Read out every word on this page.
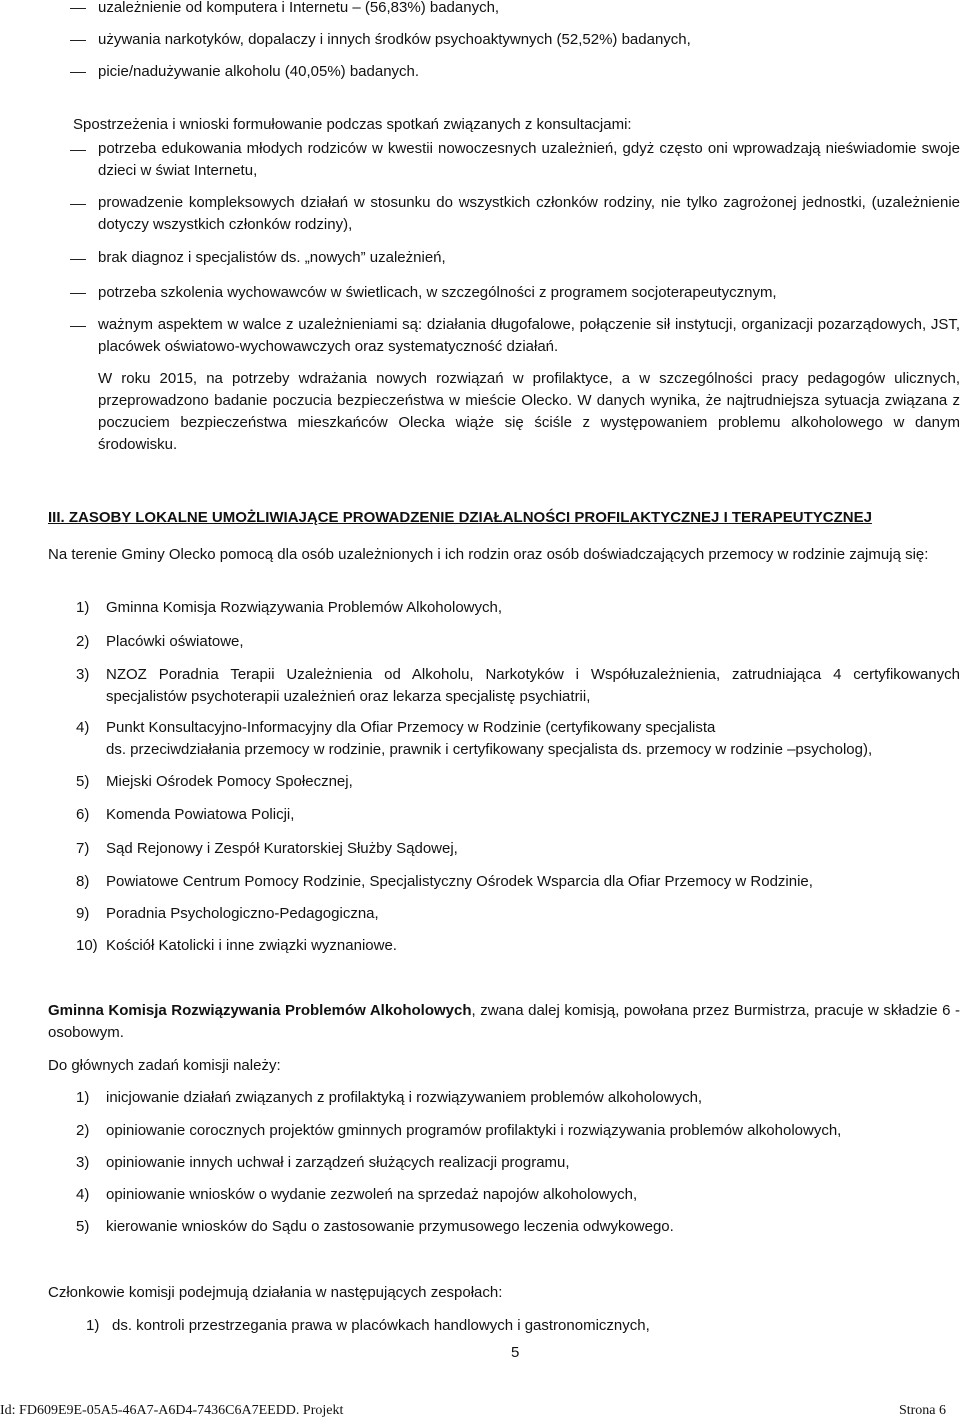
uzależnienie od komputera i Internetu – (56,83%) badanych,
używania narkotyków, dopalaczy i innych środków psychoaktywnych (52,52%) badanych,
picie/nadużywanie alkoholu (40,05%) badanych.
Spostrzeżenia i wnioski formułowanie podczas spotkań związanych z konsultacjami:
potrzeba edukowania młodych rodziców w kwestii nowoczesnych uzależnień, gdyż często oni wprowadzają nieświadomie swoje dzieci w świat Internetu,
prowadzenie kompleksowych działań w stosunku do wszystkich członków rodziny, nie tylko zagrożonej jednostki, (uzależnienie dotyczy wszystkich członków rodziny),
brak diagnoz i specjalistów ds. „nowych” uzależnień,
potrzeba szkolenia wychowawców w świetlicach, w szczególności z programem socjoterapeutycznym,
ważnym aspektem w walce z uzależnieniami są: działania długofalowe, połączenie sił instytucji, organizacji pozarządowych, JST, placówek oświatowo-wychowawczych oraz systematyczność działań.
W roku 2015, na potrzeby wdrażania nowych rozwiązań w profilaktyce, a w szczególności pracy pedagogów ulicznych, przeprowadzono badanie poczucia bezpieczeństwa w mieście Olecko. W danych wynika, że najtrudniejsza sytuacja związana z poczuciem bezpieczeństwa mieszkańców Olecka wiąże się ściśle z występowaniem problemu alkoholowego w danym środowisku.
III. ZASOBY LOKALNE UMOŻLIWIAJĄCE PROWADZENIE DZIAŁALNOŚCI PROFILAKTYCZNEJ I TERAPEUTYCZNEJ
Na terenie Gminy Olecko pomocą dla osób uzależnionych i ich rodzin oraz osób doświadczających przemocy w rodzinie zajmują się:
1) Gminna Komisja Rozwiązywania Problemów Alkoholowych,
2) Placówki oświatowe,
3) NZOZ Poradnia Terapii Uzależnienia od Alkoholu, Narkotyków i Współuzależnienia, zatrudniająca 4 certyfikowanych specjalistów psychoterapii uzależnień oraz lekarza specjalistę psychiatrii,
4) Punkt Konsultacyjno-Informacyjny dla Ofiar Przemocy w Rodzinie (certyfikowany specjalista
ds. przeciwdziałania przemocy w rodzinie, prawnik i certyfikowany specjalista ds. przemocy w rodzinie –psycholog),
5) Miejski Ośrodek Pomocy Społecznej,
6) Komenda Powiatowa Policji,
7) Sąd Rejonowy i Zespół Kuratorskiej Służby Sądowej,
8) Powiatowe Centrum Pomocy Rodzinie, Specjalistyczny Ośrodek Wsparcia dla Ofiar Przemocy w Rodzinie,
9) Poradnia Psychologiczno-Pedagogiczna,
10) Kościół Katolicki i inne związki wyznaniowe.
Gminna Komisja Rozwiązywania Problemów Alkoholowych, zwana dalej komisją, powołana przez Burmistrza, pracuje w składzie 6 - osobowym.
Do głównych zadań komisji należy:
1) inicjowanie działań związanych z profilaktyką i rozwiązywaniem problemów alkoholowych,
2) opiniowanie corocznych projektów gminnych programów profilaktyki i rozwiązywania problemów alkoholowych,
3) opiniowanie innych uchwał i zarządzeń służących realizacji programu,
4) opiniowanie wniosków o wydanie zezwoleń na sprzedaż napojów alkoholowych,
5) kierowanie wniosków do Sądu o zastosowanie przymusowego leczenia odwykowego.
Członkowie komisji podejmują działania w następujących zespołach:
1) ds. kontroli przestrzegania prawa w placówkach handlowych i gastronomicznych,
5
Id: FD609E9E-05A5-46A7-A6D4-7436C6A7EEDD. Projekt	Strona 6
